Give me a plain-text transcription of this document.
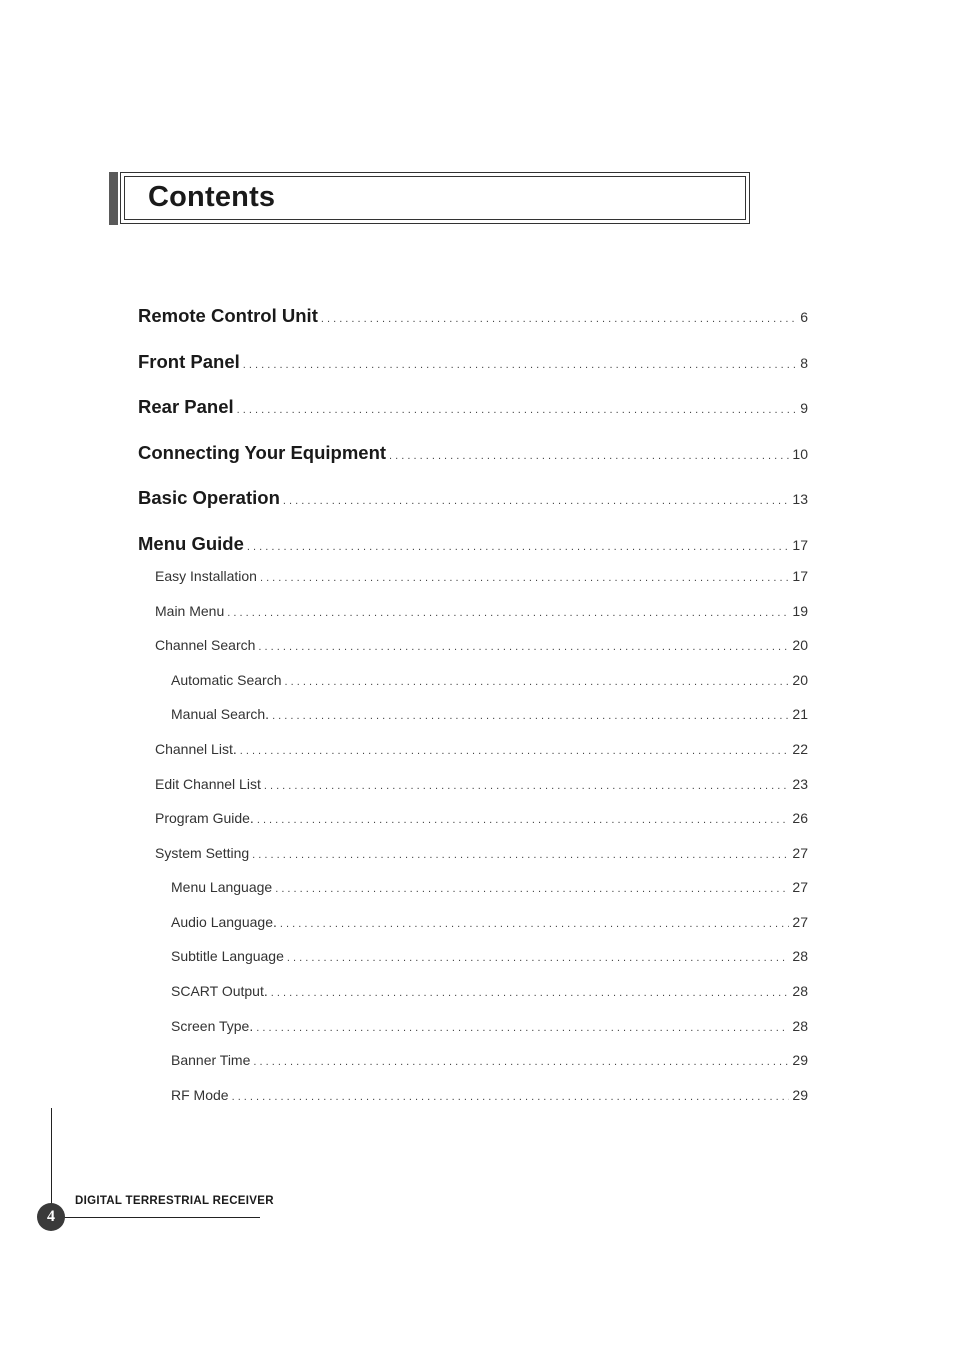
Contents
Remote Control Unit . . .	6
Front Panel . . .	8
Rear Panel . . .	9
Connecting Your Equipment . . .	10
Basic Operation . . .	13
Menu Guide . . .	17
Easy Installation . . .	17
Main Menu . . .	19
Channel Search . . .	20
Automatic Search . . .	20
Manual Search. . . .	21
Channel List. . . .	22
Edit Channel List . . .	23
Program Guide. . . .	26
System Setting . . .	27
Menu Language . . .	27
Audio Language. . . .	27
Subtitle Language . . .	28
SCART Output. . . .	28
Screen Type. . . .	28
Banner Time . . .	29
RF Mode . . .	29
4
DIGITAL TERRESTRIAL RECEIVER
